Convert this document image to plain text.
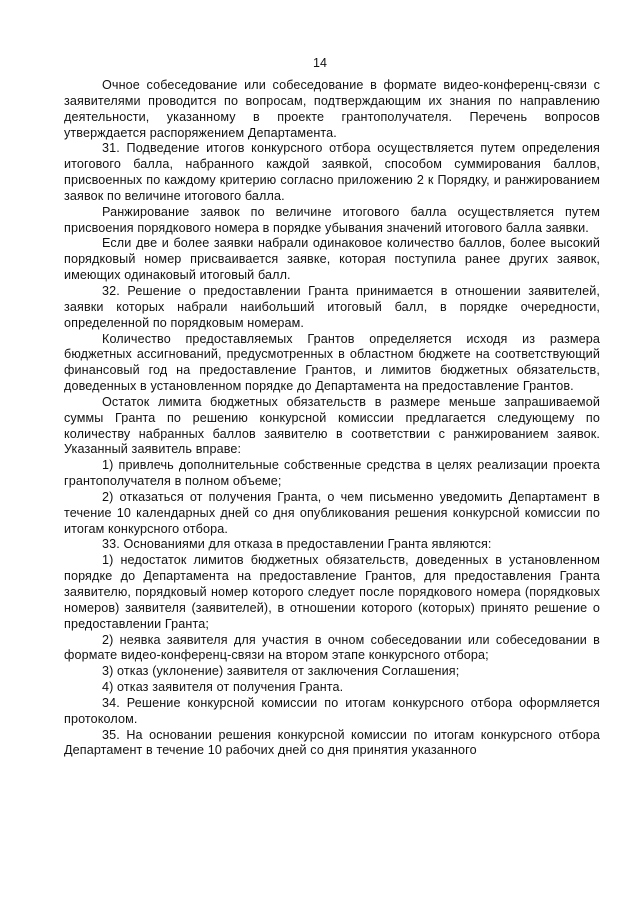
14

Очное собеседование или собеседование в формате видео-конференц-связи с заявителями проводится по вопросам, подтверждающим их знания по направлению деятельности, указанному в проекте грантополучателя. Перечень вопросов утверждается распоряжением Департамента.

31. Подведение итогов конкурсного отбора осуществляется путем определения итогового балла, набранного каждой заявкой, способом суммирования баллов, присвоенных по каждому критерию согласно приложению 2 к Порядку, и ранжированием заявок по величине итогового балла.

Ранжирование заявок по величине итогового балла осуществляется путем присвоения порядкового номера в порядке убывания значений итогового балла заявки.

Если две и более заявки набрали одинаковое количество баллов, более высокий порядковый номер присваивается заявке, которая поступила ранее других заявок, имеющих одинаковый итоговый балл.

32. Решение о предоставлении Гранта принимается в отношении заявителей, заявки которых набрали наибольший итоговый балл, в порядке очередности, определенной по порядковым номерам.

Количество предоставляемых Грантов определяется исходя из размера бюджетных ассигнований, предусмотренных в областном бюджете на соответствующий финансовый год на предоставление Грантов, и лимитов бюджетных обязательств, доведенных в установленном порядке до Департамента на предоставление Грантов.

Остаток лимита бюджетных обязательств в размере меньше запрашиваемой суммы Гранта по решению конкурсной комиссии предлагается следующему по количеству набранных баллов заявителю в соответствии с ранжированием заявок. Указанный заявитель вправе:

1) привлечь дополнительные собственные средства в целях реализации проекта грантополучателя в полном объеме;

2) отказаться от получения Гранта, о чем письменно уведомить Департамент в течение 10 календарных дней со дня опубликования решения конкурсной комиссии по итогам конкурсного отбора.

33. Основаниями для отказа в предоставлении Гранта являются:

1) недостаток лимитов бюджетных обязательств, доведенных в установленном порядке до Департамента на предоставление Грантов, для предоставления Гранта заявителю, порядковый номер которого следует после порядкового номера (порядковых номеров) заявителя (заявителей), в отношении которого (которых) принято решение о предоставлении Гранта;

2) неявка заявителя для участия в очном собеседовании или собеседовании в формате видео-конференц-связи на втором этапе конкурсного отбора;

3) отказ (уклонение) заявителя от заключения Соглашения;

4) отказ заявителя от получения Гранта.

34. Решение конкурсной комиссии по итогам конкурсного отбора оформляется протоколом.

35. На основании решения конкурсной комиссии по итогам конкурсного отбора Департамент в течение 10 рабочих дней со дня принятия указанного
